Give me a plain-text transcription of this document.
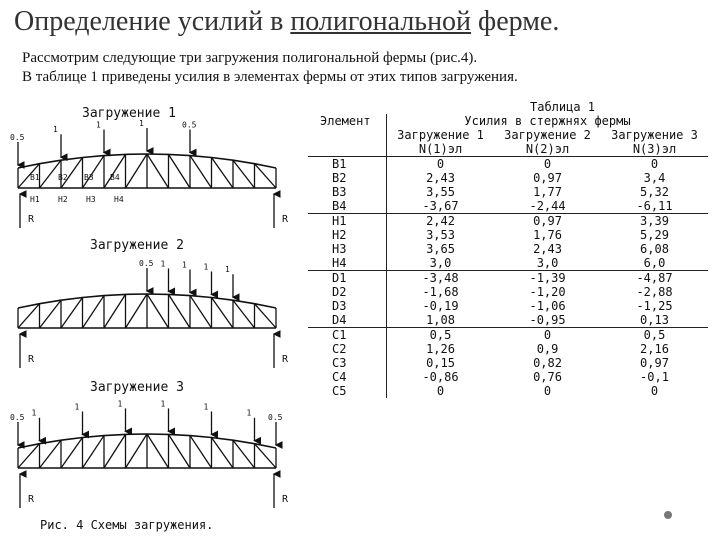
Определение усилий в полигональной ферме.
Рассмотрим следующие три загружения полигональной фермы (рис.4).
В таблице 1 приведены усилия в элементах фермы от этих типов загружения.
0.5
1
1	1	0.5
R	R
В1 В2 В3 В4
Н1 Н2 Н3 Н4
0.5 1 1 1 1
R	R
0.5 1
1	1	1	1
1 0.5
R	R
Загружение 1
Загружение 2
Загружение 3
Рис. 4 Схемы загружения.
Таблица 1
Элемент	Усилия в стержнях фермы		
	Загружение 1	Загружение 2	Загружение 3
	N(1)эл	N(2)эл	N(3)эл
В1	0	0	0
В2	2,43	0,97	3,4
В3	3,55	1,77	5,32
В4	-3,67	-2,44	-6,11
Н1	2,42	0,97	3,39
Н2	3,53	1,76	5,29
Н3	3,65	2,43	6,08
Н4	3,0	3,0	6,0
D1	-3,48	-1,39	-4,87
D2	-1,68	-1,20	-2,88
D3	-0,19	-1,06	-1,25
D4	1,08	-0,95	0,13
C1	0,5	0	0,5
C2	1,26	0,9	2,16
C3	0,15	0,82	0,97
C4	-0,86	0,76	-0,1
C5	0	0	0
